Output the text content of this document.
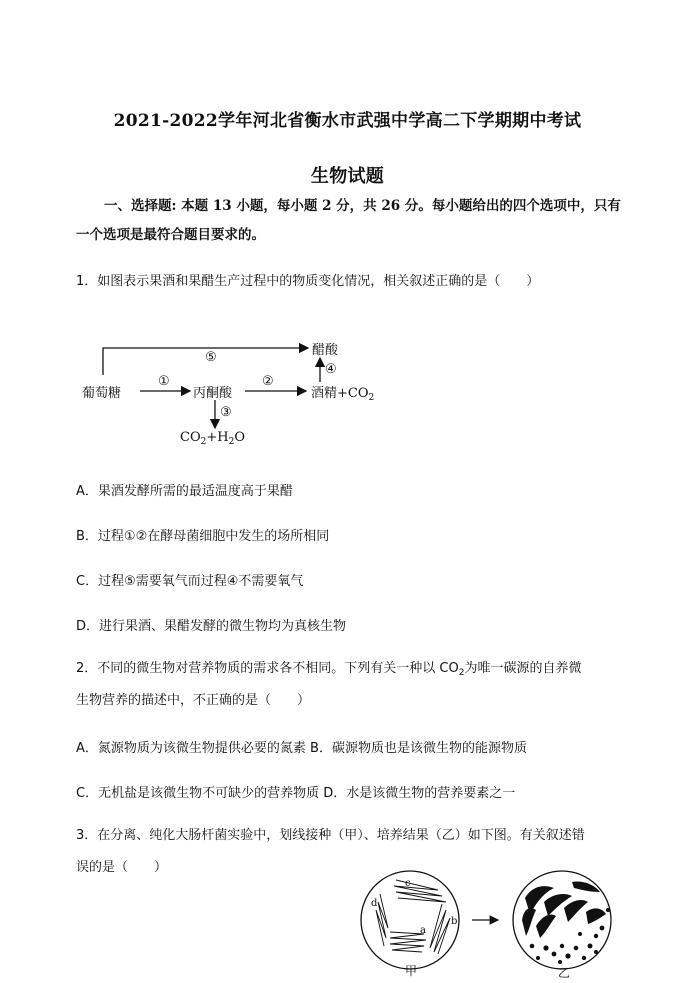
2021-2022学年河北省衡水市武强中学高二下学期期中考试
生物试题
一、选择题: 本题 13 小题，每小题 2 分，共 26 分。每小题给出的四个选项中，只有
一个选项是最符合题目要求的。
1．如图表示果酒和果醋生产过程中的物质变化情况，相关叙述正确的是（　　）
⑤	醋酸
①	②
④
葡萄糖	丙酮酸	酒精$+CO_2$
③
$CO_2+H_2O$
A．果酒发酵所需的最适温度高于果醋
B．过程①②在酵母菌细胞中发生的场所相同
C．过程⑤需要氧气而过程④不需要氧气
D．进行果酒、果醋发酵的微生物均为真核生物
2．不同的微生物对营养物质的需求各不相同。下列有关一种以 $CO_2$为唯一碳源的自养微
生物营养的描述中，不正确的是（　　）
A．氮源物质为该微生物提供必要的氮素 B．碳源物质也是该微生物的能源物质
C．无机盐是该微生物不可缺少的营养物质 D．水是该微生物的营养要素之一
3．在分离、纯化大肠杆菌实验中，划线接种（甲）、培养结果（乙）如下图。有关叙述错
误的是（　　）
d
c
b
a
甲	乙
